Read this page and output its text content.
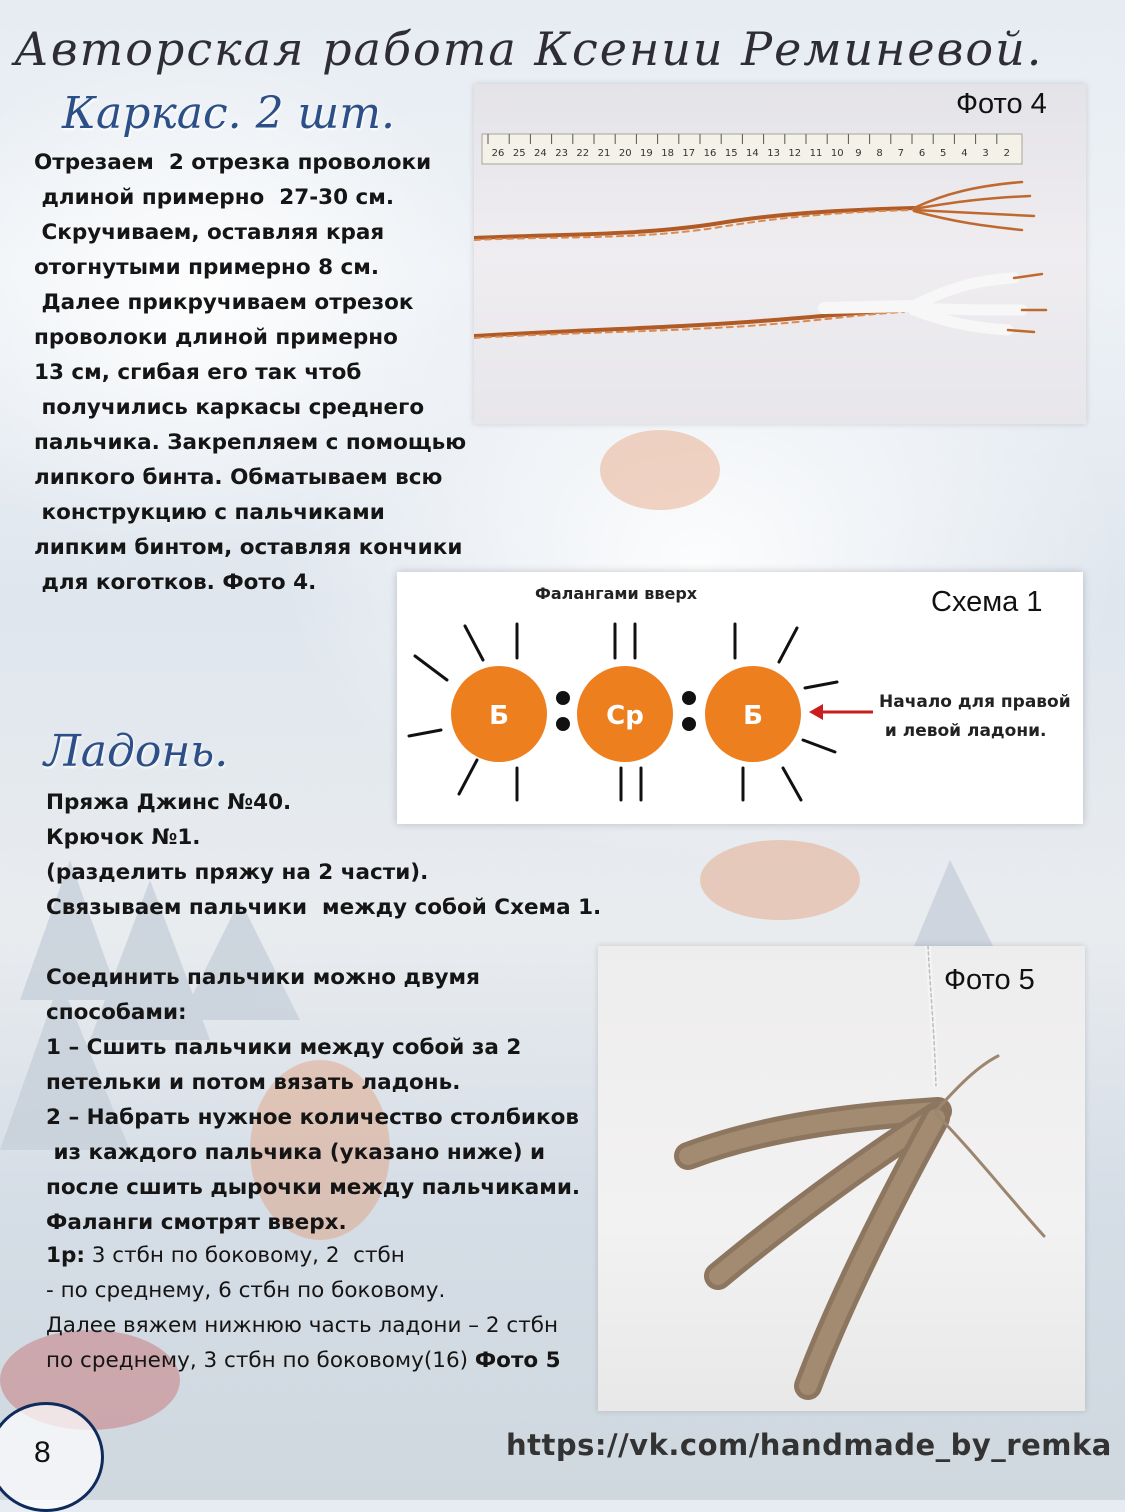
Авторская работа Ксении Реминевой.
Каркас. 2 шт.
Отрезаем  2 отрезка проволоки
длиной примерно  27-30 см.
Скручиваем, оставляя края
отогнутыми примерно 8 см.
Далее прикручиваем отрезок
проволоки длиной примерно
13 см, сгибая его так чтоб
получились каркасы среднего
пальчика. Закрепляем с помощью
липкого бинта. Обматываем всю
конструкцию с пальчиками
липким бинтом, оставляя кончики
для коготков. Фото 4.
26 25 24 23 22 21 20 19 18 17 16 15 14 13 12 11 10 9 8 7 6 5 4 3 2
Фото 4
Б	Ср	Б
Фалангами вверх	Схема 1
Начало для правой
и левой ладони.
Ладонь.
Пряжа Джинс №40.
Крючок №1.
(разделить пряжу на 2 части).
Связываем пальчики  между собой Схема 1.
Соединить пальчики можно двумя
способами:
1 – Сшить пальчики между собой за 2
петельки и потом вязать ладонь.
2 – Набрать нужное количество столбиков
из каждого пальчика (указано ниже) и
после сшить дырочки между пальчиками.
Фаланги смотрят вверх.
1р: 3 стбн по боковому, 2  стбн
- по среднему, 6 стбн по боковому.
Далее вяжем нижнюю часть ладони – 2 стбн
по среднему, 3 стбн по боковому(16) Фото 5
Фото 5
8	https://vk.com/handmade_by_remka
